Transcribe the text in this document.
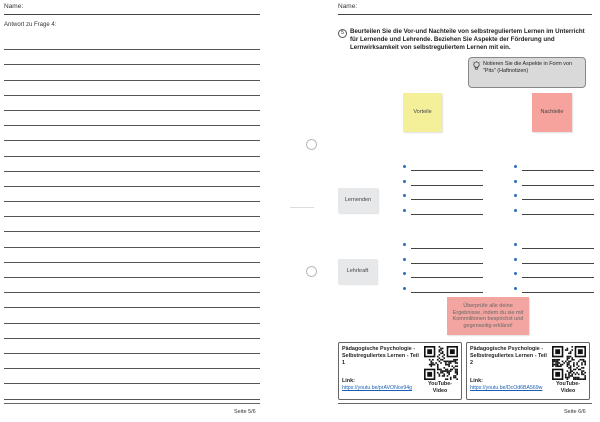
Name:
Antwort zu Frage 4:
Seite 5/6
Name:
5 Beurteilen Sie die Vor-und Nachteile von selbstreguliertem Lernen im Unterricht für Lernende und Lehrende. Beziehen Sie Aspekte der Förderung und Lernwirksamkeit von selbstreguliertem Lernen mit ein.
Notieren Sie die Aspekte in Form von "Pits" (Haftnotizen)
Vorteile	Nachteile
Lernenden
Lehrkraft
Überprüfe alle deine Ergebnisse, indem du sie mit Kommilitonen besprichst und gegenseitig erklärst!
Pädagogische Psychologie - Selbstreguliertes Lernen - Teil 1
Link:
https://youtu.be/prAVONox94g
YouTube-Video
Pädagogische Psychologie - Selbstreguliertes Lernen - Teil 2
Link:
https://youtu.be/DcOd6BA569w
YouTube-Video
Seite 6/6
